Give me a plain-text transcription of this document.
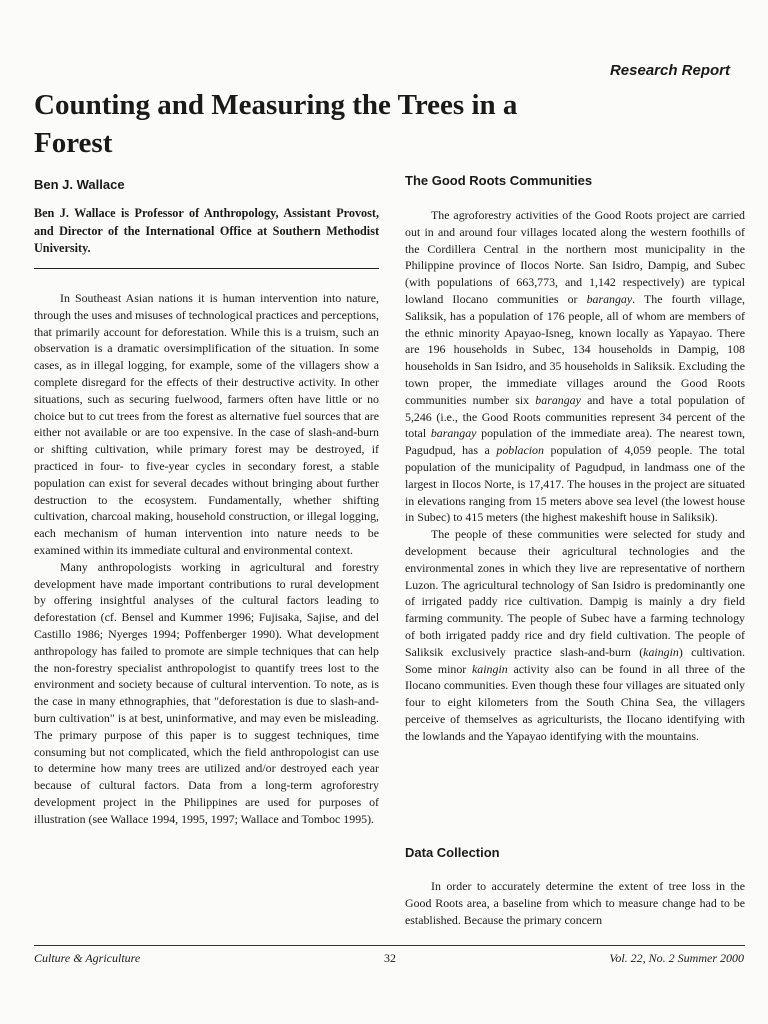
Research Report
Counting and Measuring the Trees in a Forest
Ben J. Wallace
Ben J. Wallace is Professor of Anthropology, Assistant Provost, and Director of the International Office at Southern Methodist University.

In Southeast Asian nations it is human intervention into nature, through the uses and misuses of technological practices and perceptions, that primarily account for deforestation. While this is a truism, such an observation is a dramatic oversimplification of the situation. In some cases, as in illegal logging, for example, some of the villagers show a complete disregard for the effects of their destructive activity. In other situations, such as securing fuelwood, farmers often have little or no choice but to cut trees from the forest as alternative fuel sources that are either not available or are too expensive. In the case of slash-and-burn or shifting cultivation, while primary forest may be destroyed, if practiced in four- to five-year cycles in secondary forest, a stable population can exist for several decades without bringing about further destruction to the ecosystem. Fundamentally, whether shifting cultivation, charcoal making, household construction, or illegal logging, each mechanism of human intervention into nature needs to be examined within its immediate cultural and environmental context.

Many anthropologists working in agricultural and forestry development have made important contributions to rural development by offering insightful analyses of the cultural factors leading to deforestation (cf. Bensel and Kummer 1996; Fujisaka, Sajise, and del Castillo 1986; Nyerges 1994; Poffenberger 1990). What development anthropology has failed to promote are simple techniques that can help the non-forestry specialist anthropologist to quantify trees lost to the environment and society because of cultural intervention. To note, as is the case in many ethnographies, that "deforestation is due to slash-and-burn cultivation" is at best, uninformative, and may even be misleading. The primary purpose of this paper is to suggest techniques, time consuming but not complicated, which the field anthropologist can use to determine how many trees are utilized and/or destroyed each year because of cultural factors. Data from a long-term agroforestry development project in the Philippines are used for purposes of illustration (see Wallace 1994, 1995, 1997; Wallace and Tomboc 1995).

The Good Roots Communities

The agroforestry activities of the Good Roots project are carried out in and around four villages located along the western foothills of the Cordillera Central in the northern most municipality in the Philippine province of Ilocos Norte. San Isidro, Dampig, and Subec (with populations of 663,773, and 1,142 respectively) are typical lowland Ilocano communities or barangay. The fourth village, Saliksik, has a population of 176 people, all of whom are members of the ethnic minority Apayao-Isneg, known locally as Yapayao. There are 196 households in Subec, 134 households in Dampig, 108 households in San Isidro, and 35 households in Saliksik. Excluding the town proper, the immediate villages around the Good Roots communities number six barangay and have a total population of 5,246 (i.e., the Good Roots communities represent 34 percent of the total barangay population of the immediate area). The nearest town, Pagudpud, has a poblacion population of 4,059 people. The total population of the municipality of Pagudpud, in landmass one of the largest in Ilocos Norte, is 17,417. The houses in the project are situated in elevations ranging from 15 meters above sea level (the lowest house in Subec) to 415 meters (the highest makeshift house in Saliksik).

The people of these communities were selected for study and development because their agricultural technologies and the environmental zones in which they live are representative of northern Luzon. The agricultural technology of San Isidro is predominantly one of irrigated paddy rice cultivation. Dampig is mainly a dry field farming community. The people of Subec have a farming technology of both irrigated paddy rice and dry field cultivation. The people of Saliksik exclusively practice slash-and-burn (kaingin) cultivation. Some minor kaingin activity also can be found in all three of the Ilocano communities. Even though these four villages are situated only four to eight kilometers from the South China Sea, the villagers perceive of themselves as agriculturists, the Ilocano identifying with the lowlands and the Yapayao identifying with the mountains.

Data Collection

In order to accurately determine the extent of tree loss in the Good Roots area, a baseline from which to measure change had to be established. Because the primary concern

Culture & Agriculture	32	Vol. 22, No. 2 Summer 2000
